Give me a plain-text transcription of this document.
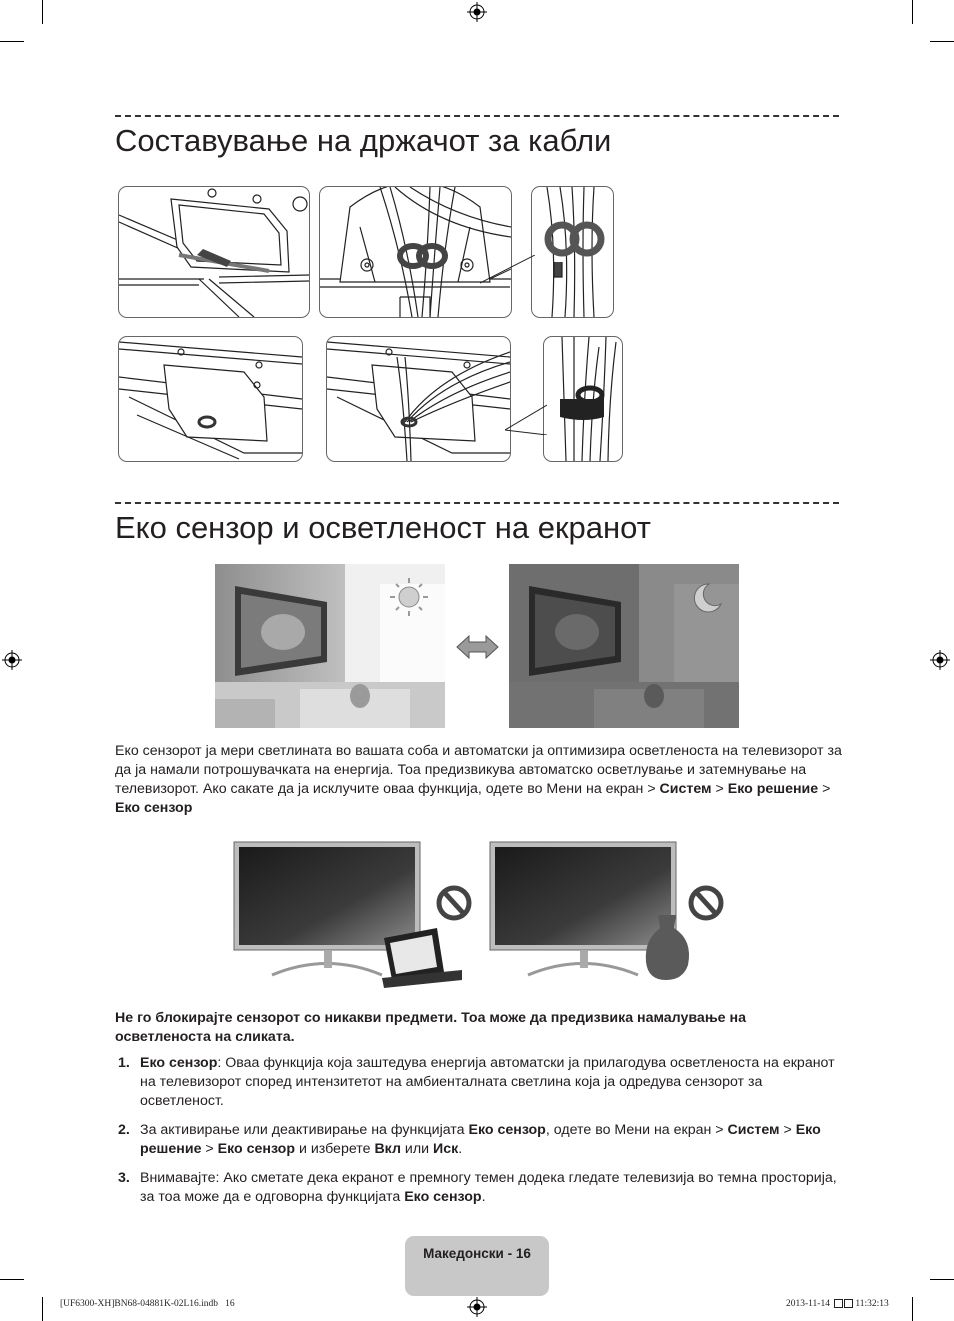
Составување на држачот за кабли
Еко сензор и осветленост на екранот

Еко сензорот ја мери светлината во вашата соба и автоматски ја оптимизира осветленоста на телевизорот за да ја намали потрошувачката на енергија. Тоа предизвикува автоматско осветлување и затемнување на телевизорот. Ако сакате да ја исклучите оваа функција, одете во Мени на екран > Систем > Еко решение > Еко сензор

Не го блокирајте сензорот со никакви предмети. Тоа може да предизвика намалување на осветленоста на сликата.

1. Еко сензор: Оваа функција која заштедува енергија автоматски ја прилагодува осветленоста на екранот на телевизорот според интензитетот на амбиенталната светлина која ја одредува сензорот за осветленост.
2. За активирање или деактивирање на функцијата Еко сензор, одете во Мени на екран > Систем > Еко решение > Еко сензор и изберете Вкл или Иск.
3. Внимавајте: Ако сметате дека екранот е премногу темен додека гледате телевизија во темна просторија, за тоа може да е одговорна функцијата Еко сензор.
Македонски - 16
[UF6300-XH]BN68-04881K-02L16.indb   16	2013-11-14	11:32:13
